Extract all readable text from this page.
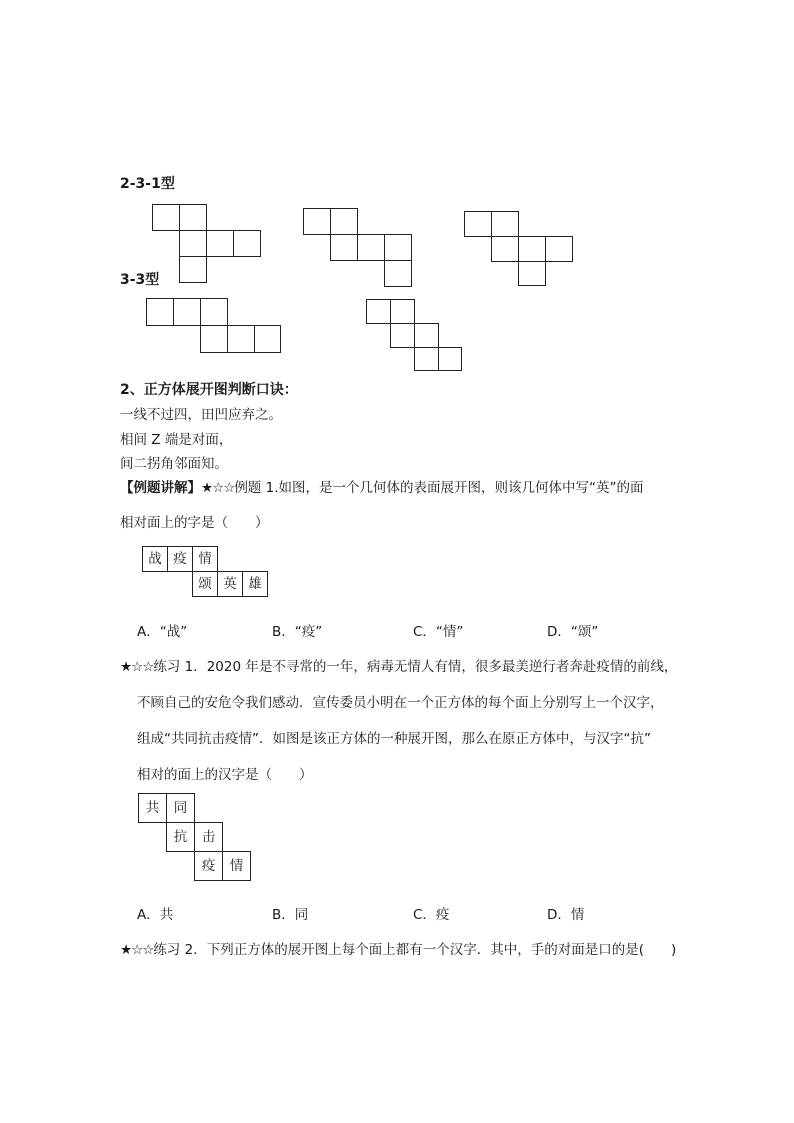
2-3-1型
3-3型
2、正方体展开图判断口诀：
一线不过四，田凹应弃之。
相间 Z 端是对面，
间二拐角邻面知。
【例题讲解】★☆☆例题 1.如图，是一个几何体的表面展开图，则该几何体中写“英”的面
相对面上的字是（　　）
战 疫 情
颂 英 雄
A．“战”	B．“疫”	C．“情”	D．“颂”
★☆☆练习 1．2020 年是不寻常的一年，病毒无情人有情，很多最美逆行者奔赴疫情的前线，
不顾自己的安危令我们感动．宣传委员小明在一个正方体的每个面上分别写上一个汉字，
组成“共同抗击疫情”．如图是该正方体的一种展开图，那么在原正方体中，与汉字“抗”
相对的面上的汉字是（　　）
共	同
抗	击
疫	情
A．共	B．同	C．疫	D．情
★☆☆练习 2．下列正方体的展开图上每个面上都有一个汉字．其中，手的对面是口的是(　　)
